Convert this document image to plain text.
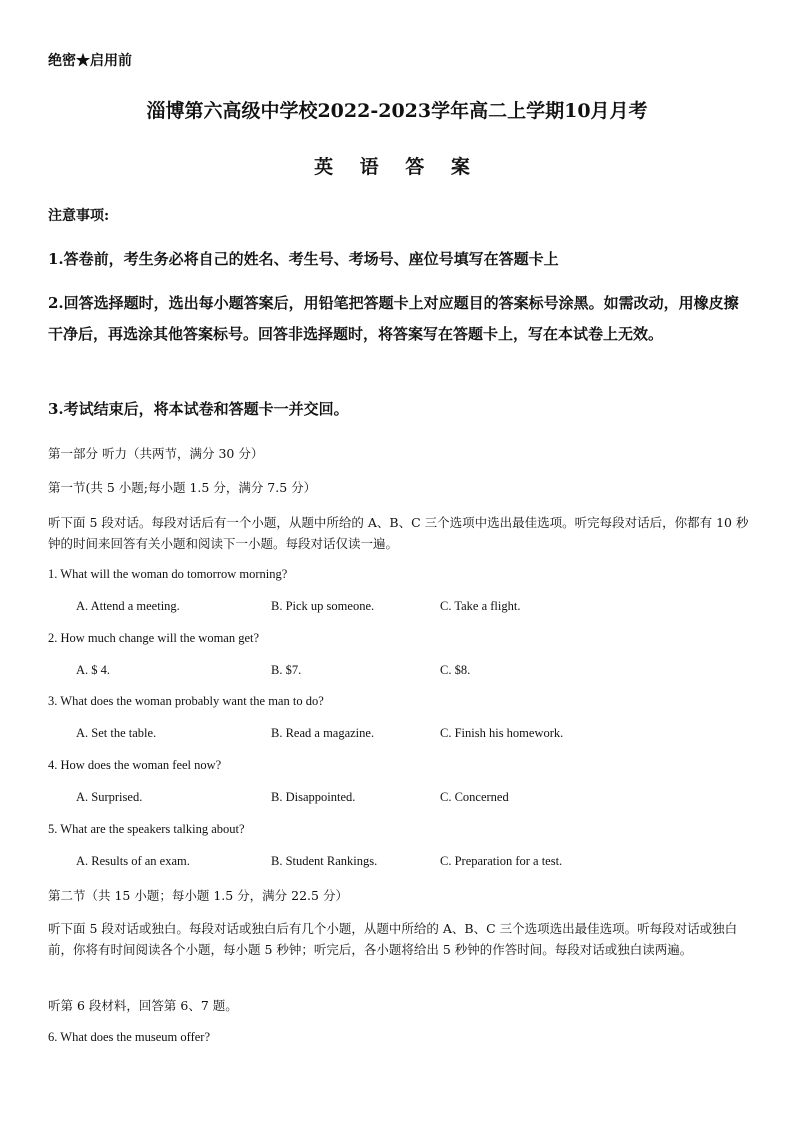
绝密★启用前
淄博第六高级中学校2022-2023学年高二上学期10月月考
英 语 答 案
注意事项:
1.答卷前，考生务必将自己的姓名、考生号、考场号、座位号填写在答题卡上
2.回答选择题时，选出每小题答案后，用铅笔把答题卡上对应题目的答案标号涂黑。如需改动，用橡皮擦干净后，再选涂其他答案标号。回答非选择题时，将答案写在答题卡上，写在本试卷上无效。
3.考试结束后，将本试卷和答题卡一并交回。
第一部分 听力（共两节，满分 30 分）
第一节(共 5 小题;每小题 1.5 分，满分 7.5 分）
听下面 5 段对话。每段对话后有一个小题，从题中所给的 A、B、C 三个选项中选出最佳选项。听完每段对话后，你都有 10 秒钟的时间来回答有关小题和阅读下一小题。每段对话仅读一遍。
1. What will the woman do tomorrow morning?
A. Attend a meeting.	B. Pick up someone.	C. Take a flight.
2. How much change will the woman get?
A. $ 4.	B. $7.	C. $8.
3. What does the woman probably want the man to do?
A. Set the table.	B. Read a magazine.	C. Finish his homework.
4. How does the woman feel now?
A. Surprised.	B. Disappointed.	C. Concerned
5. What are the speakers talking about?
A. Results of an exam.	B. Student Rankings.	C. Preparation for a test.
第二节（共 15 小题；每小题 1.5 分，满分 22.5 分）
听下面 5 段对话或独白。每段对话或独白后有几个小题，从题中所给的 A、B、C 三个选项选出最佳选项。听每段对话或独白前，你将有时间阅读各个小题，每小题 5 秒钟；听完后，各小题将给出 5 秒钟的作答时间。每段对话或独白读两遍。
听第 6 段材料，回答第 6、7 题。
6. What does the museum offer?
